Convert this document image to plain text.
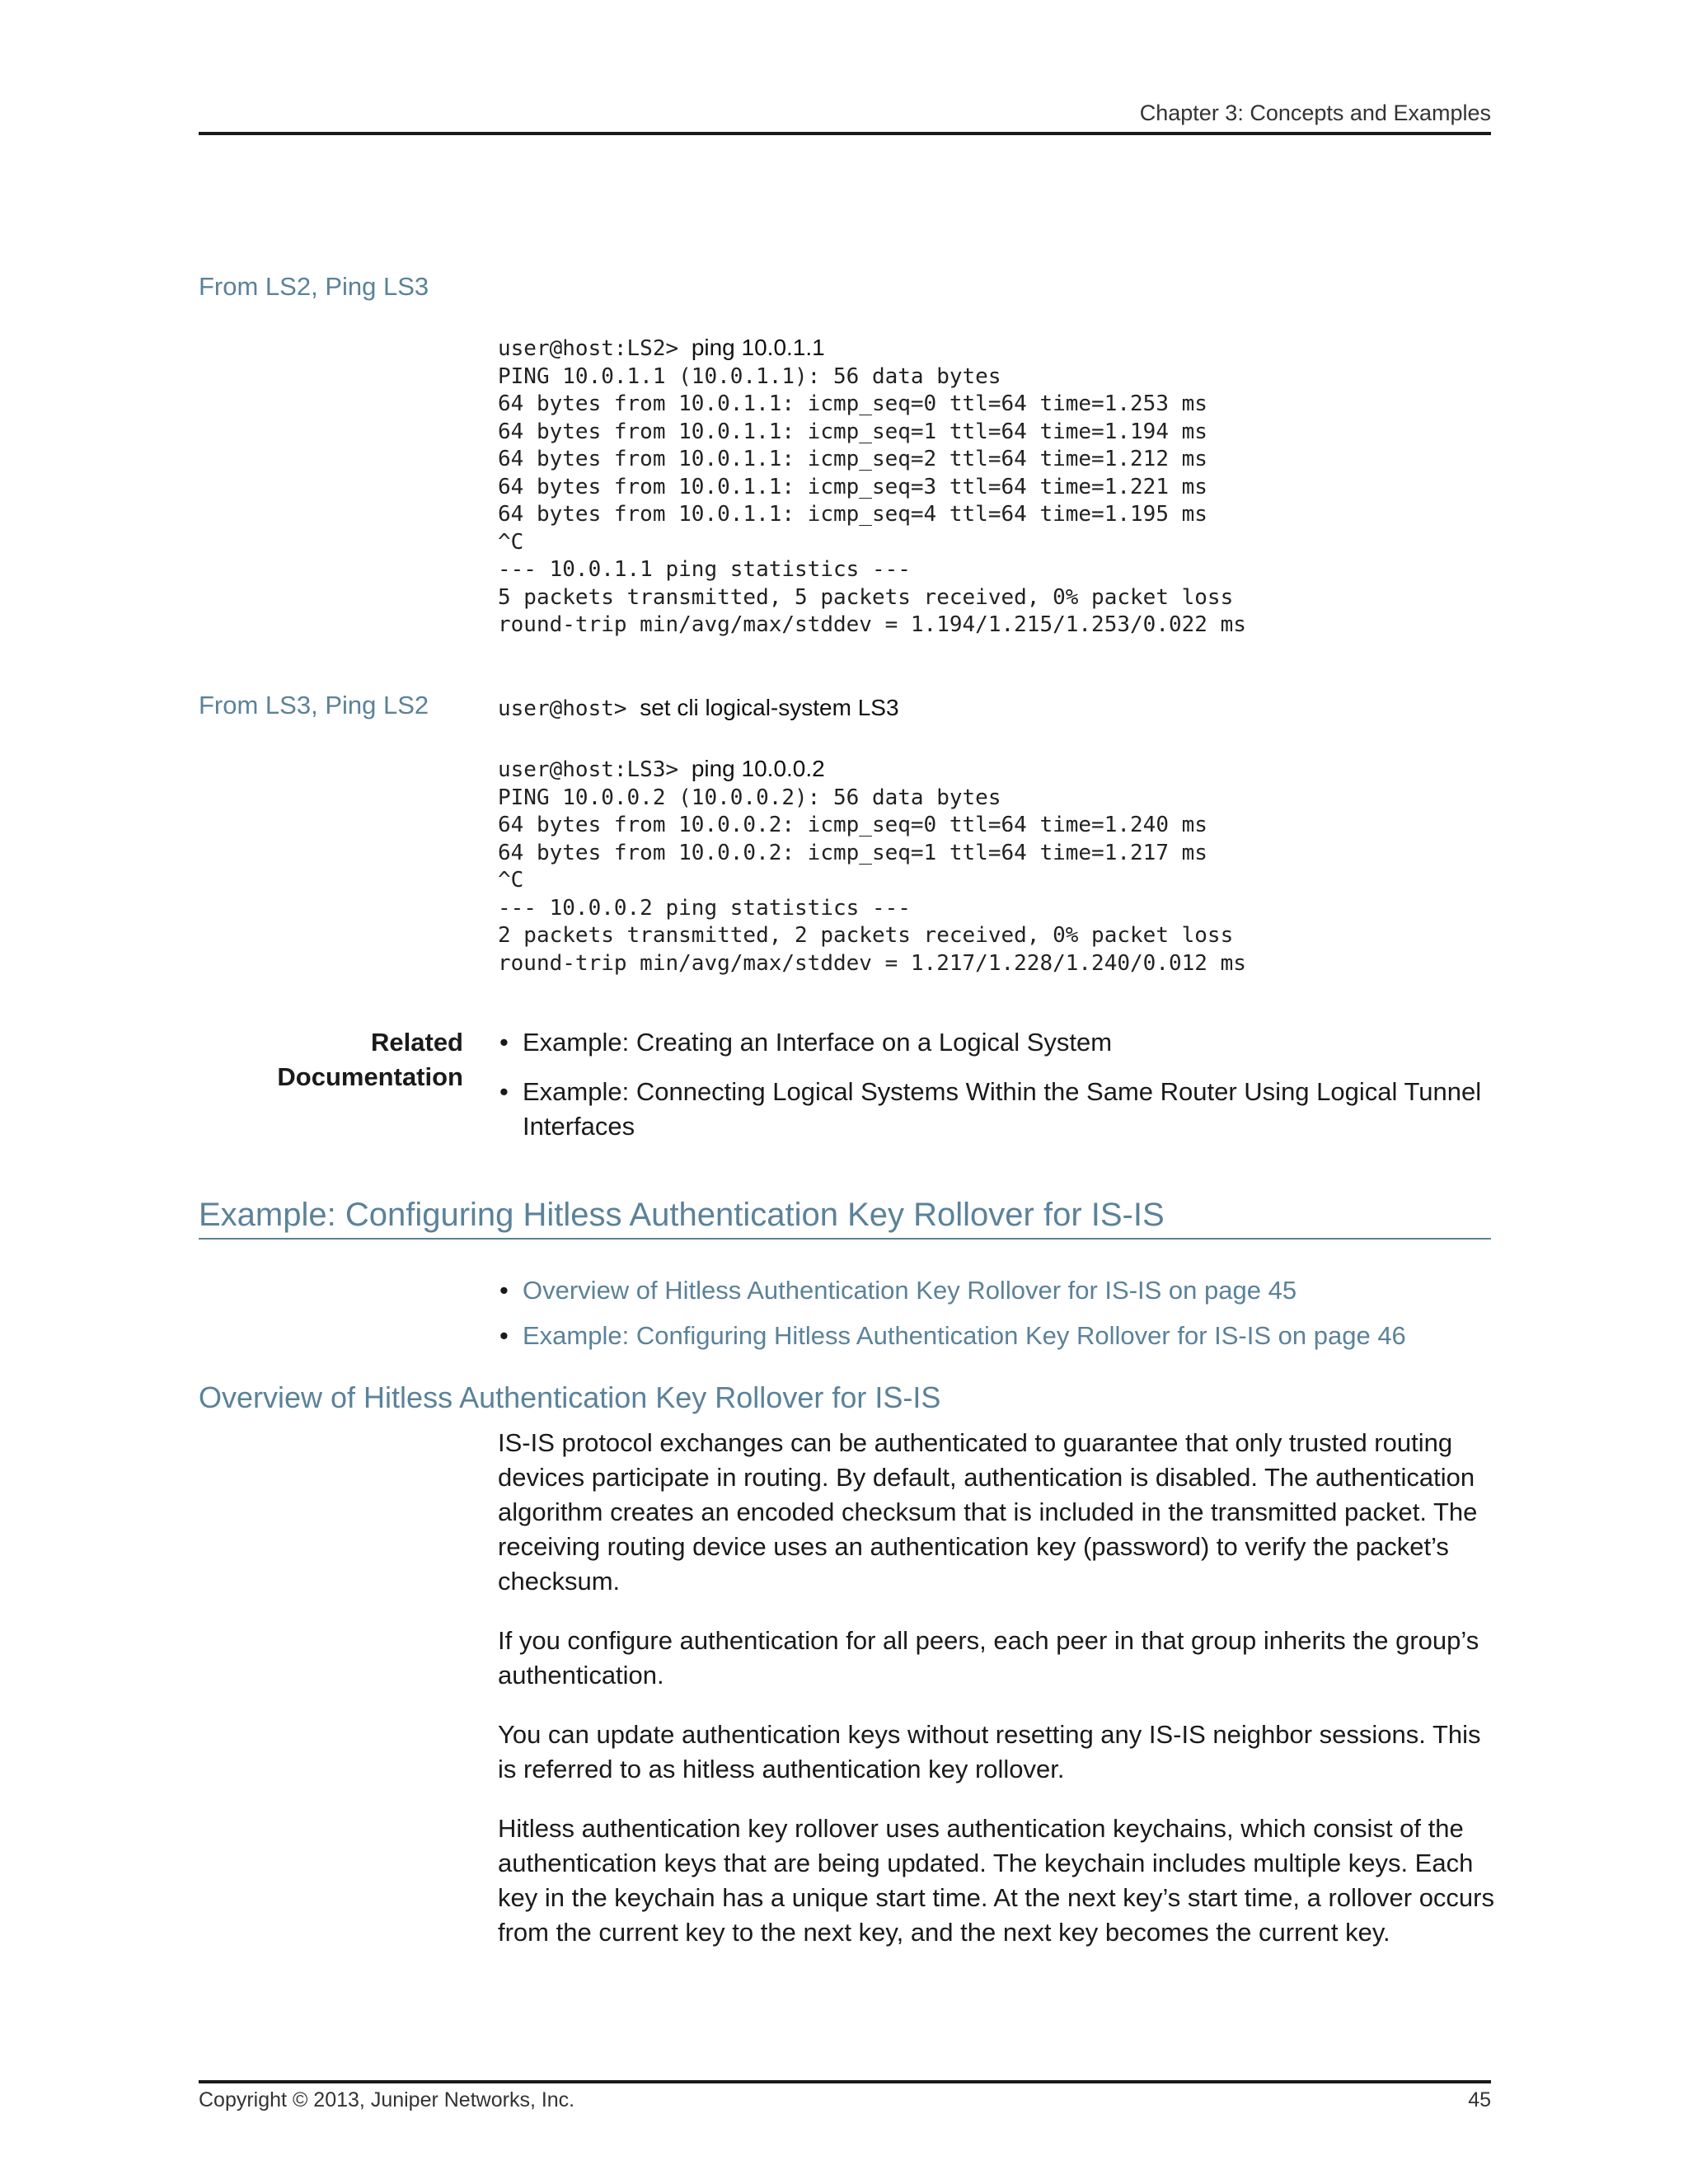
Chapter 3: Concepts and Examples
From LS2, Ping LS3
user@host:LS2> ping 10.0.1.1
PING 10.0.1.1 (10.0.1.1): 56 data bytes
64 bytes from 10.0.1.1: icmp_seq=0 ttl=64 time=1.253 ms
64 bytes from 10.0.1.1: icmp_seq=1 ttl=64 time=1.194 ms
64 bytes from 10.0.1.1: icmp_seq=2 ttl=64 time=1.212 ms
64 bytes from 10.0.1.1: icmp_seq=3 ttl=64 time=1.221 ms
64 bytes from 10.0.1.1: icmp_seq=4 ttl=64 time=1.195 ms
^C
--- 10.0.1.1 ping statistics ---
5 packets transmitted, 5 packets received, 0% packet loss
round-trip min/avg/max/stddev = 1.194/1.215/1.253/0.022 ms
From LS3, Ping LS2	user@host> set cli logical-system LS3
user@host:LS3> ping 10.0.0.2
PING 10.0.0.2 (10.0.0.2): 56 data bytes
64 bytes from 10.0.0.2: icmp_seq=0 ttl=64 time=1.240 ms
64 bytes from 10.0.0.2: icmp_seq=1 ttl=64 time=1.217 ms
^C
--- 10.0.0.2 ping statistics ---
2 packets transmitted, 2 packets received, 0% packet loss
round-trip min/avg/max/stddev = 1.217/1.228/1.240/0.012 ms
Related
Documentation
• Example: Creating an Interface on a Logical System
• Example: Connecting Logical Systems Within the Same Router Using Logical Tunnel Interfaces
Example: Configuring Hitless Authentication Key Rollover for IS-IS
• Overview of Hitless Authentication Key Rollover for IS-IS on page 45
• Example: Configuring Hitless Authentication Key Rollover for IS-IS on page 46
Overview of Hitless Authentication Key Rollover for IS-IS

IS-IS protocol exchanges can be authenticated to guarantee that only trusted routing devices participate in routing. By default, authentication is disabled. The authentication algorithm creates an encoded checksum that is included in the transmitted packet. The receiving routing device uses an authentication key (password) to verify the packet’s checksum.

If you configure authentication for all peers, each peer in that group inherits the group’s authentication.

You can update authentication keys without resetting any IS-IS neighbor sessions. This is referred to as hitless authentication key rollover.

Hitless authentication key rollover uses authentication keychains, which consist of the authentication keys that are being updated. The keychain includes multiple keys. Each key in the keychain has a unique start time. At the next key’s start time, a rollover occurs from the current key to the next key, and the next key becomes the current key.

Copyright © 2013, Juniper Networks, Inc.	45
